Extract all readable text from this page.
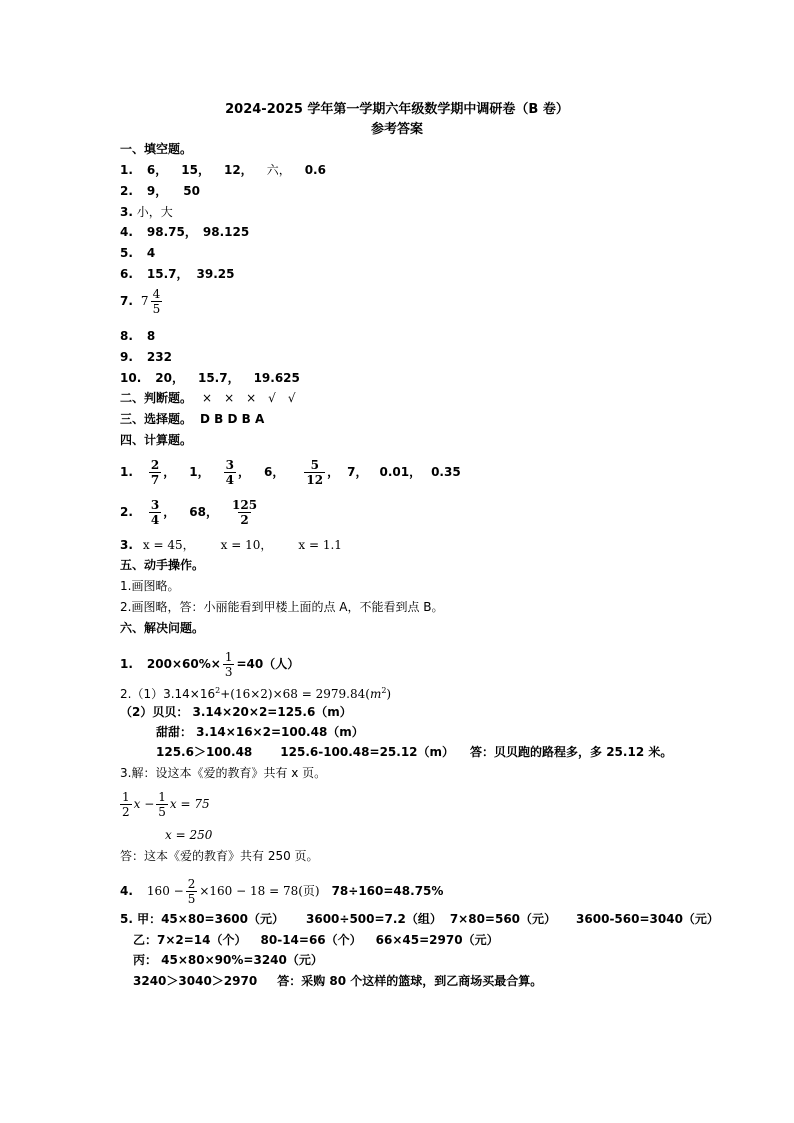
2024-2025 学年第一学期六年级数学期中调研卷（B 卷）
参考答案
一、填空题。
1. 6， 15， 12， 六， 0.6
2. 9， 50
3. 小，大
4. 98.75， 98.125
5. 4
6. 15.7， 39.25
7. $7 \frac{4}{5}$
8. 8
9. 232
10. 20， 15.7， 19.625
二、判断题。 ×　×　×　√　√
三、选择题。 D B D B A
四、计算题。
1. $\frac{2}{7}$ ， 1， $\frac{3}{4}$ ， 6， $\frac{5}{12}$ ， 7， 0.01， 0.35
2. $\frac{3}{4}$ ， 68， $\frac{125}{2}$
3. x = 45， x = 10， x = 1.1
五、动手操作。
1.画图略。
2.画图略，答：小丽能看到甲楼上面的点 A，不能看到点 B。
六、解决问题。
1. $200\times 60\%\times \frac{1}{3} =40$（人）
$2.(1)3.14\times 16^2+(16\times 2)\times 68 = 2979.84(m^2)$
（2）贝贝： 3.14×20×2=125.6（m）
甜甜： 3.14×16×2=100.48（m）
125.6＞100.48 125.6-100.48=25.12（m） 答：贝贝跑的路程多，多 25.12 米。
3.解：设这本《爱的教育》共有 x 页。
$\frac{1}{2}$ $x - \frac{1}{5}$ x = 75
x = 250
答：这本《爱的教育》共有 250 页。
4. $160 - \frac{2}{5} \times 160 - 18 = 78$(页) 78÷160=48.75%
5. 甲：45×80=3600（元） 3600÷500=7.2（组） 7×80=560（元） 3600-560=3040（元）
乙：7×2=14（个） 80-14=66（个） 66×45=2970（元）
丙： 45×80×90%=3240（元）
3240＞3040＞2970 答：采购 80 个这样的篮球，到乙商场买最合算。
